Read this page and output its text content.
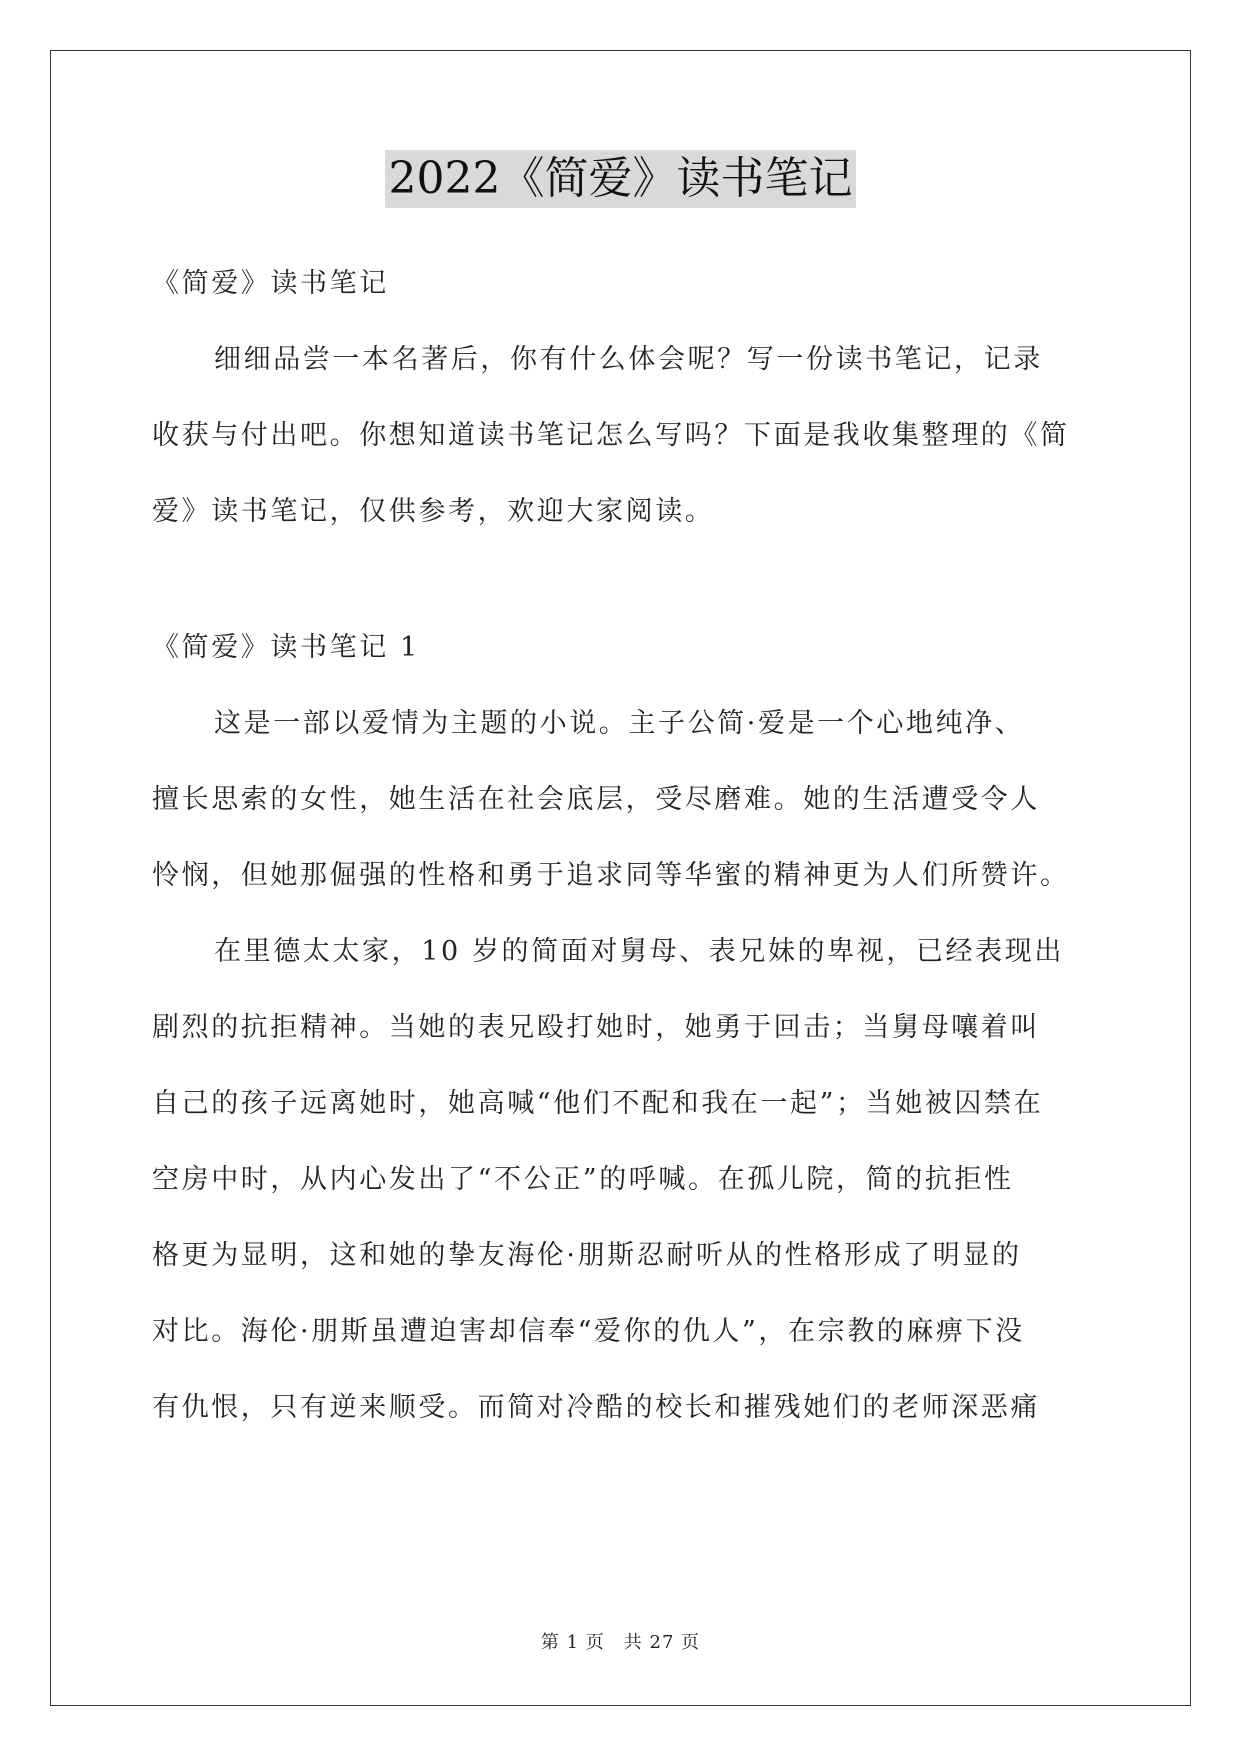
2022《简爱》读书笔记
《简爱》读书笔记
细细品尝一本名著后，你有什么体会呢？写一份读书笔记，记录
收获与付出吧。你想知道读书笔记怎么写吗？下面是我收集整理的《简
爱》读书笔记，仅供参考，欢迎大家阅读。
《简爱》读书笔记 1
这是一部以爱情为主题的小说。主子公简·爱是一个心地纯净、
擅长思索的女性，她生活在社会底层，受尽磨难。她的生活遭受令人
怜悯，但她那倔强的性格和勇于追求同等华蜜的精神更为人们所赞许。
在里德太太家，10 岁的简面对舅母、表兄妹的卑视，已经表现出
剧烈的抗拒精神。当她的表兄殴打她时，她勇于回击；当舅母嚷着叫
自己的孩子远离她时，她高喊“他们不配和我在一起”；当她被囚禁在
空房中时，从内心发出了“不公正”的呼喊。在孤儿院，简的抗拒性
格更为显明，这和她的挚友海伦·朋斯忍耐听从的性格形成了明显的
对比。海伦·朋斯虽遭迫害却信奉“爱你的仇人”，在宗教的麻痹下没
有仇恨，只有逆来顺受。而简对冷酷的校长和摧残她们的老师深恶痛
第 1 页　共 27 页
